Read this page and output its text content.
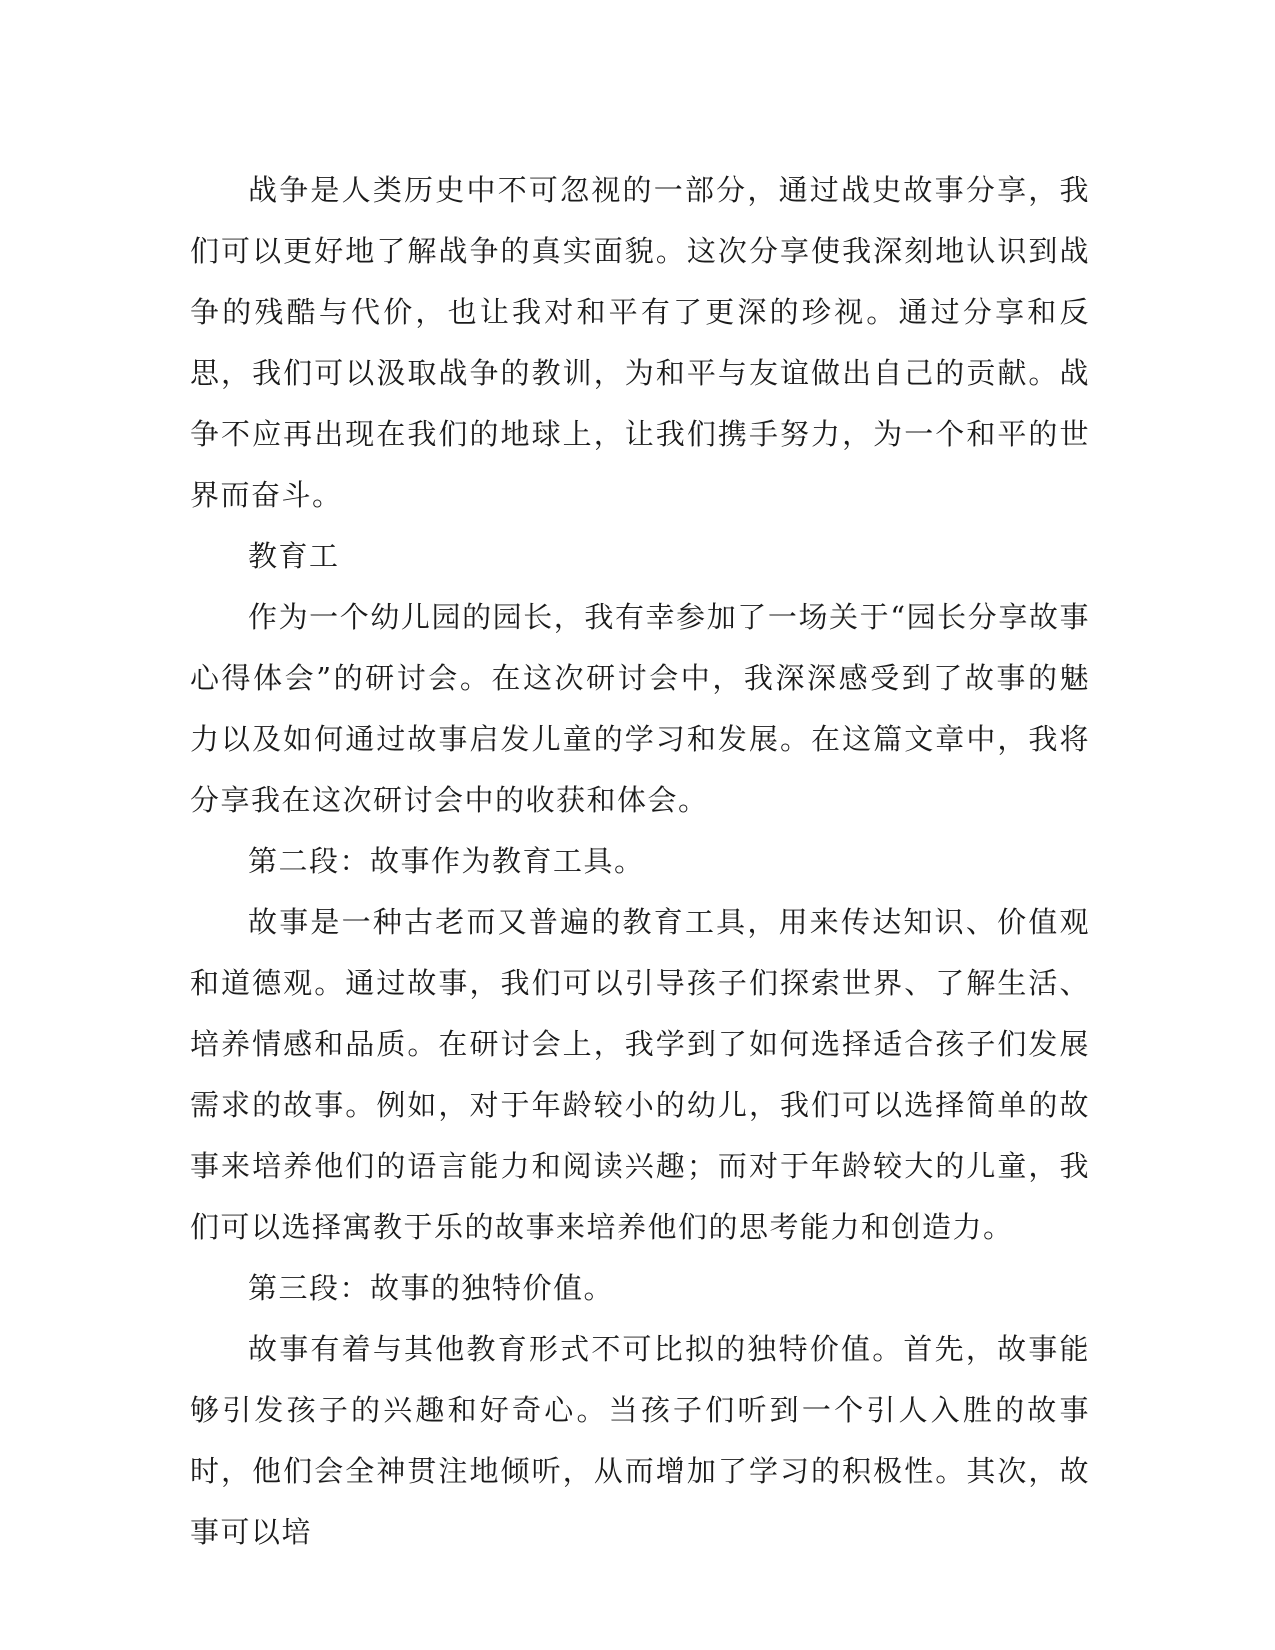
战争是人类历史中不可忽视的一部分，通过战史故事分享，我们可以更好地了解战争的真实面貌。这次分享使我深刻地认识到战争的残酷与代价，也让我对和平有了更深的珍视。通过分享和反思，我们可以汲取战争的教训，为和平与友谊做出自己的贡献。战争不应再出现在我们的地球上，让我们携手努力，为一个和平的世界而奋斗。

教育工

作为一个幼儿园的园长，我有幸参加了一场关于“园长分享故事心得体会”的研讨会。在这次研讨会中，我深深感受到了故事的魅力以及如何通过故事启发儿童的学习和发展。在这篇文章中，我将分享我在这次研讨会中的收获和体会。

第二段：故事作为教育工具。

故事是一种古老而又普遍的教育工具，用来传达知识、价值观和道德观。通过故事，我们可以引导孩子们探索世界、了解生活、培养情感和品质。在研讨会上，我学到了如何选择适合孩子们发展需求的故事。例如，对于年龄较小的幼儿，我们可以选择简单的故事来培养他们的语言能力和阅读兴趣；而对于年龄较大的儿童，我们可以选择寓教于乐的故事来培养他们的思考能力和创造力。

第三段：故事的独特价值。

故事有着与其他教育形式不可比拟的独特价值。首先，故事能够引发孩子的兴趣和好奇心。当孩子们听到一个引人入胜的故事时，他们会全神贯注地倾听，从而增加了学习的积极性。其次，故事可以培
